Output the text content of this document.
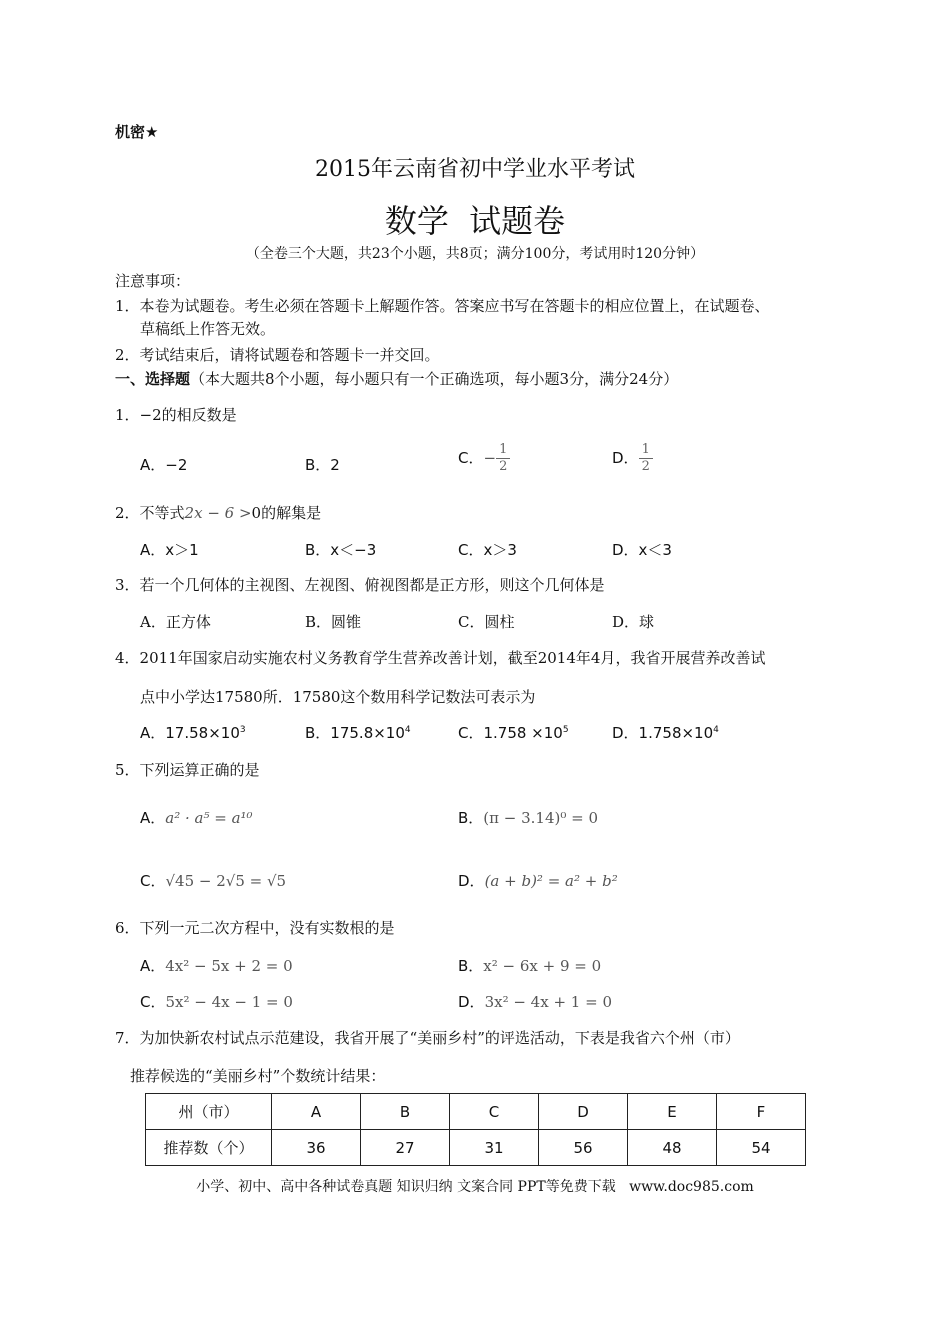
机密★
2015年云南省初中学业水平考试
数学  试题卷
（全卷三个大题，共23个小题，共8页；满分100分，考试用时120分钟）
注意事项：
1．本卷为试题卷。考生必须在答题卡上解题作答。答案应书写在答题卡的相应位置上，在试题卷、
草稿纸上作答无效。
2．考试结束后，请将试题卷和答题卡一并交回。
一、选择题（本大题共8个小题，每小题只有一个正确选项，每小题3分，满分24分）
1．−2的相反数是
A．−2	B．2	C．− $\frac{1}{2}$	D． $\frac{1}{2}$
2．不等式2x − 6 >0的解集是
A．x＞1	B．x＜−3	C．x＞3	D．x＜3
3．若一个几何体的主视图、左视图、俯视图都是正方形，则这个几何体是
A．正方体	B．圆锥	C．圆柱	D．球
4．2011年国家启动实施农村义务教育学生营养改善计划，截至2014年4月，我省开展营养改善试
点中小学达17580所．17580这个数用科学记数法可表示为
A．$17.58\times 10^3$	B．$175.8\times 10^4$	C．$1.758 \times 10^5$	D．$1.758\times 10^4$
5．下列运算正确的是
A．a² · a⁵ = a¹⁰	B．(π − 3.14)⁰ = 0
C．√45 − 2√5 = √5	D．(a + b)² = a² + b²
6．下列一元二次方程中，没有实数根的是
A．4x² − 5x + 2 = 0	B．x² − 6x + 9 = 0
C．5x² − 4x − 1 = 0	D．3x² − 4x + 1 = 0
7．为加快新农村试点示范建设，我省开展了“美丽乡村”的评选活动，下表是我省六个州（市）
推荐候选的“美丽乡村”个数统计结果：
州（市）	A	B	C	D	E	F
推荐数（个）	36	27	31	56	48	54
小学、初中、高中各种试卷真题 知识归纳 文案合同 PPT等免费下载   www.doc985.com
